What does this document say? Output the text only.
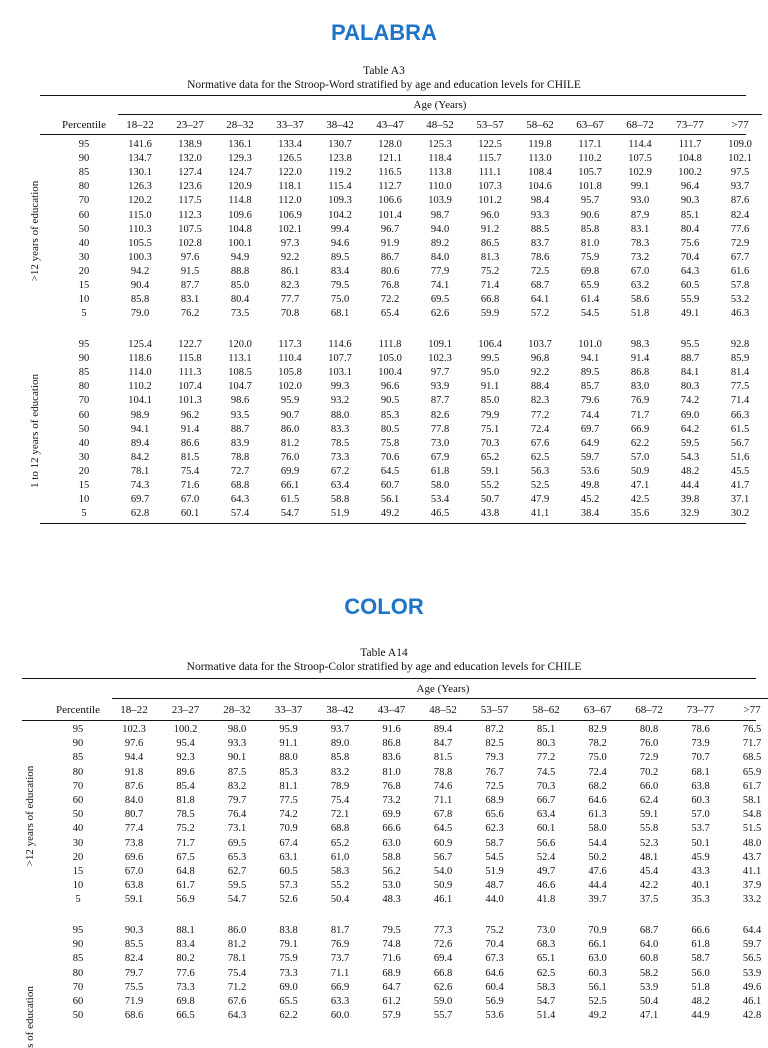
PALABRA
Table A3
Normative data for the Stroop-Word stratified by age and education levels for CHILE
Age (Years)
Percentile 18–22 23–27 28–32 33–37 38–42 43–47 48–52 53–57 58–62 63–67 68–72 73–77	>77
>12 years of education
95	141.6	138.9	136.1	133.4	130.7	128.0	125.3	122.5	119.8	117.1	114.4	111.7	109.0
90	134.7	132.0	129.3	126.5	123.8	121.1	118.4	115.7	113.0	110.2	107.5	104.8	102.1
85	130.1	127.4	124.7	122.0	119.2	116.5	113.8	111.1	108.4	105.7	102.9	100.2	97.5
80	126.3	123.6	120.9	118.1	115.4	112.7	110.0	107.3	104.6	101.8	99.1	96.4	93.7
70	120.2	117.5	114.8	112.0	109.3	106.6	103.9	101.2	98.4	95.7	93.0	90.3	87.6
60	115.0	112.3	109.6	106.9	104.2	101.4	98.7	96.0	93.3	90.6	87.9	85.1	82.4
50	110.3	107.5	104.8	102.1	99.4	96.7	94.0	91.2	88.5	85.8	83.1	80.4	77.6
40	105.5	102.8	100.1	97.3	94.6	91.9	89.2	86.5	83.7	81.0	78.3	75.6	72.9
30	100.3	97.6	94.9	92.2	89.5	86.7	84.0	81.3	78.6	75.9	73.2	70.4	67.7
20	94.2	91.5	88.8	86.1	83.4	80.6	77.9	75.2	72.5	69.8	67.0	64.3	61.6
15	90.4	87.7	85.0	82.3	79.5	76.8	74.1	71.4	68.7	65.9	63.2	60.5	57.8
10	85.8	83.1	80.4	77.7	75.0	72.2	69.5	66.8	64.1	61.4	58.6	55.9	53.2
5	79.0	76.2	73.5	70.8	68.1	65.4	62.6	59.9	57.2	54.5	51.8	49.1	46.3
1 to 12 years of education
95	125.4	122.7	120.0	117.3	114.6	111.8	109.1	106.4	103.7	101.0	98.3	95.5	92.8
90	118.6	115.8	113.1	110.4	107.7	105.0	102.3	99.5	96.8	94.1	91.4	88.7	85.9
85	114.0	111.3	108.5	105.8	103.1	100.4	97.7	95.0	92.2	89.5	86.8	84.1	81.4
80	110.2	107.4	104.7	102.0	99.3	96.6	93.9	91.1	88.4	85.7	83.0	80.3	77.5
70	104.1	101.3	98.6	95.9	93.2	90.5	87.7	85.0	82.3	79.6	76.9	74.2	71.4
60	98.9	96.2	93.5	90.7	88.0	85.3	82.6	79.9	77.2	74.4	71.7	69.0	66.3
50	94.1	91.4	88.7	86.0	83.3	80.5	77.8	75.1	72.4	69.7	66.9	64.2	61.5
40	89.4	86.6	83.9	81.2	78.5	75.8	73.0	70.3	67.6	64.9	62.2	59.5	56.7
30	84.2	81.5	78.8	76.0	73.3	70.6	67.9	65.2	62.5	59.7	57.0	54.3	51.6
20	78.1	75.4	72.7	69.9	67.2	64.5	61.8	59.1	56.3	53.6	50.9	48.2	45.5
15	74.3	71.6	68.8	66.1	63.4	60.7	58.0	55.2	52.5	49.8	47.1	44.4	41.7
10	69.7	67.0	64.3	61.5	58.8	56.1	53.4	50.7	47.9	45.2	42.5	39.8	37.1
5	62.8	60.1	57.4	54.7	51.9	49.2	46.5	43.8	41.1	38.4	35.6	32.9	30.2
COLOR
Table A14
Normative data for the Stroop-Color stratified by age and education levels for CHILE
Age (Years)
Percentile 18–22 23–27 28–32 33–37 38–42 43–47 48–52 53–57 58–62 63–67 68–72 73–77	>77
>12 years of education
95	102.3	100.2	98.0	95.9	93.7	91.6	89.4	87.2	85.1	82.9	80.8	78.6	76.5
90	97.6	95.4	93.3	91.1	89.0	86.8	84.7	82.5	80.3	78.2	76.0	73.9	71.7
85	94.4	92.3	90.1	88.0	85.8	83.6	81.5	79.3	77.2	75.0	72.9	70.7	68.5
80	91.8	89.6	87.5	85.3	83.2	81.0	78.8	76.7	74.5	72.4	70.2	68.1	65.9
70	87.6	85.4	83.2	81.1	78.9	76.8	74.6	72.5	70.3	68.2	66.0	63.8	61.7
60	84.0	81.8	79.7	77.5	75.4	73.2	71.1	68.9	66.7	64.6	62.4	60.3	58.1
50	80.7	78.5	76.4	74.2	72.1	69.9	67.8	65.6	63.4	61.3	59.1	57.0	54.8
40	77.4	75.2	73.1	70.9	68.8	66.6	64.5	62.3	60.1	58.0	55.8	53.7	51.5
30	73.8	71.7	69.5	67.4	65.2	63.0	60.9	58.7	56.6	54.4	52.3	50.1	48.0
20	69.6	67.5	65.3	63.1	61.0	58.8	56.7	54.5	52.4	50.2	48.1	45.9	43.7
15	67.0	64.8	62.7	60.5	58.3	56.2	54.0	51.9	49.7	47.6	45.4	43.3	41.1
10	63.8	61.7	59.5	57.3	55.2	53.0	50.9	48.7	46.6	44.4	42.2	40.1	37.9
5	59.1	56.9	54.7	52.6	50.4	48.3	46.1	44.0	41.8	39.7	37.5	35.3	33.2
s of education
95	90.3	88.1	86.0	83.8	81.7	79.5	77.3	75.2	73.0	70.9	68.7	66.6	64.4
90	85.5	83.4	81.2	79.1	76.9	74.8	72.6	70.4	68.3	66.1	64.0	61.8	59.7
85	82.4	80.2	78.1	75.9	73.7	71.6	69.4	67.3	65.1	63.0	60.8	58.7	56.5
80	79.7	77.6	75.4	73.3	71.1	68.9	66.8	64.6	62.5	60.3	58.2	56.0	53.9
70	75.5	73.3	71.2	69.0	66.9	64.7	62.6	60.4	58.3	56.1	53.9	51.8	49.6
60	71.9	69.8	67.6	65.5	63.3	61.2	59.0	56.9	54.7	52.5	50.4	48.2	46.1
50	68.6	66.5	64.3	62.2	60.0	57.9	55.7	53.6	51.4	49.2	47.1	44.9	42.8
